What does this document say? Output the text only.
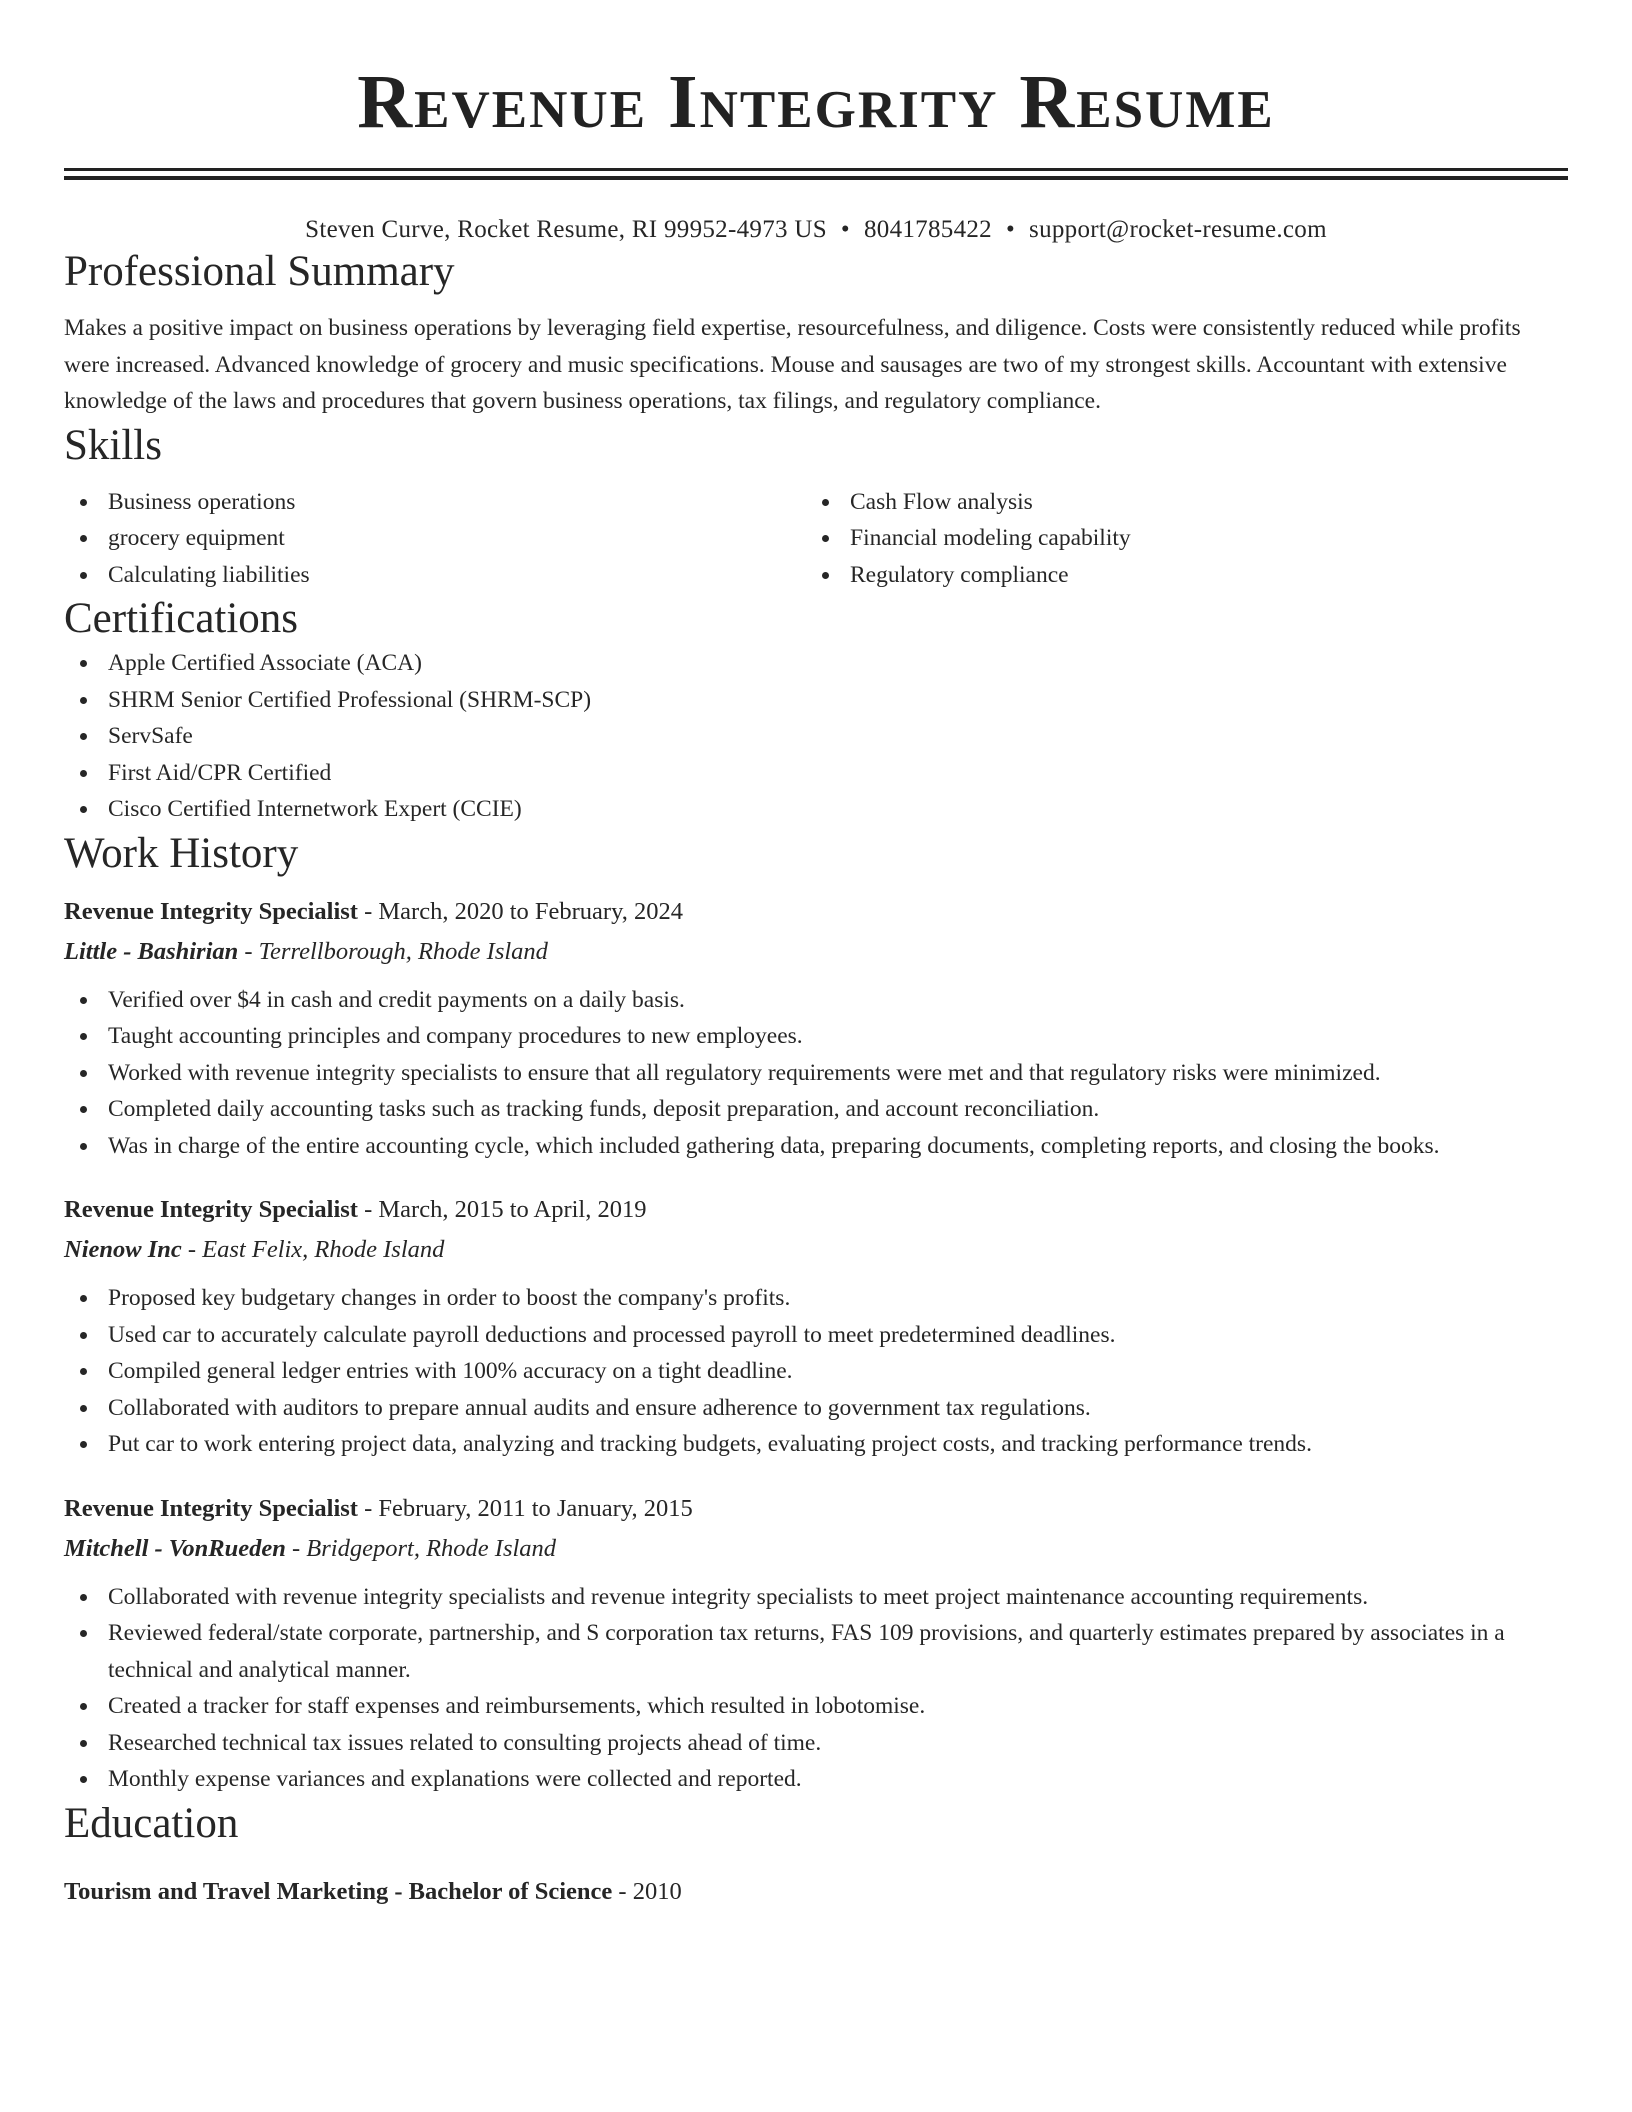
Revenue Integrity Resume
Steven Curve, Rocket Resume, RI 99952-4973 US • 8041785422 • support@rocket-resume.com
Professional Summary

Makes a positive impact on business operations by leveraging field expertise, resourcefulness, and diligence. Costs were consistently reduced while profits were increased. Advanced knowledge of grocery and music specifications. Mouse and sausages are two of my strongest skills. Accountant with extensive knowledge of the laws and procedures that govern business operations, tax filings, and regulatory compliance.

Skills
Business operations
grocery equipment
Calculating liabilities
Cash Flow analysis
Financial modeling capability
Regulatory compliance
Certifications
Apple Certified Associate (ACA)
SHRM Senior Certified Professional (SHRM-SCP)
ServSafe
First Aid/CPR Certified
Cisco Certified Internetwork Expert (CCIE)
Work History
Revenue Integrity Specialist - March, 2020 to February, 2024
Little - Bashirian - Terrellborough, Rhode Island
Verified over $4 in cash and credit payments on a daily basis.
Taught accounting principles and company procedures to new employees.
Worked with revenue integrity specialists to ensure that all regulatory requirements were met and that regulatory risks were minimized.
Completed daily accounting tasks such as tracking funds, deposit preparation, and account reconciliation.
Was in charge of the entire accounting cycle, which included gathering data, preparing documents, completing reports, and closing the books.
Revenue Integrity Specialist - March, 2015 to April, 2019
Nienow Inc - East Felix, Rhode Island
Proposed key budgetary changes in order to boost the company's profits.
Used car to accurately calculate payroll deductions and processed payroll to meet predetermined deadlines.
Compiled general ledger entries with 100% accuracy on a tight deadline.
Collaborated with auditors to prepare annual audits and ensure adherence to government tax regulations.
Put car to work entering project data, analyzing and tracking budgets, evaluating project costs, and tracking performance trends.
Revenue Integrity Specialist - February, 2011 to January, 2015
Mitchell - VonRueden - Bridgeport, Rhode Island
Collaborated with revenue integrity specialists and revenue integrity specialists to meet project maintenance accounting requirements.
Reviewed federal/state corporate, partnership, and S corporation tax returns, FAS 109 provisions, and quarterly estimates prepared by associates in a technical and analytical manner.
Created a tracker for staff expenses and reimbursements, which resulted in lobotomise.
Researched technical tax issues related to consulting projects ahead of time.
Monthly expense variances and explanations were collected and reported.
Education
Tourism and Travel Marketing - Bachelor of Science - 2010
